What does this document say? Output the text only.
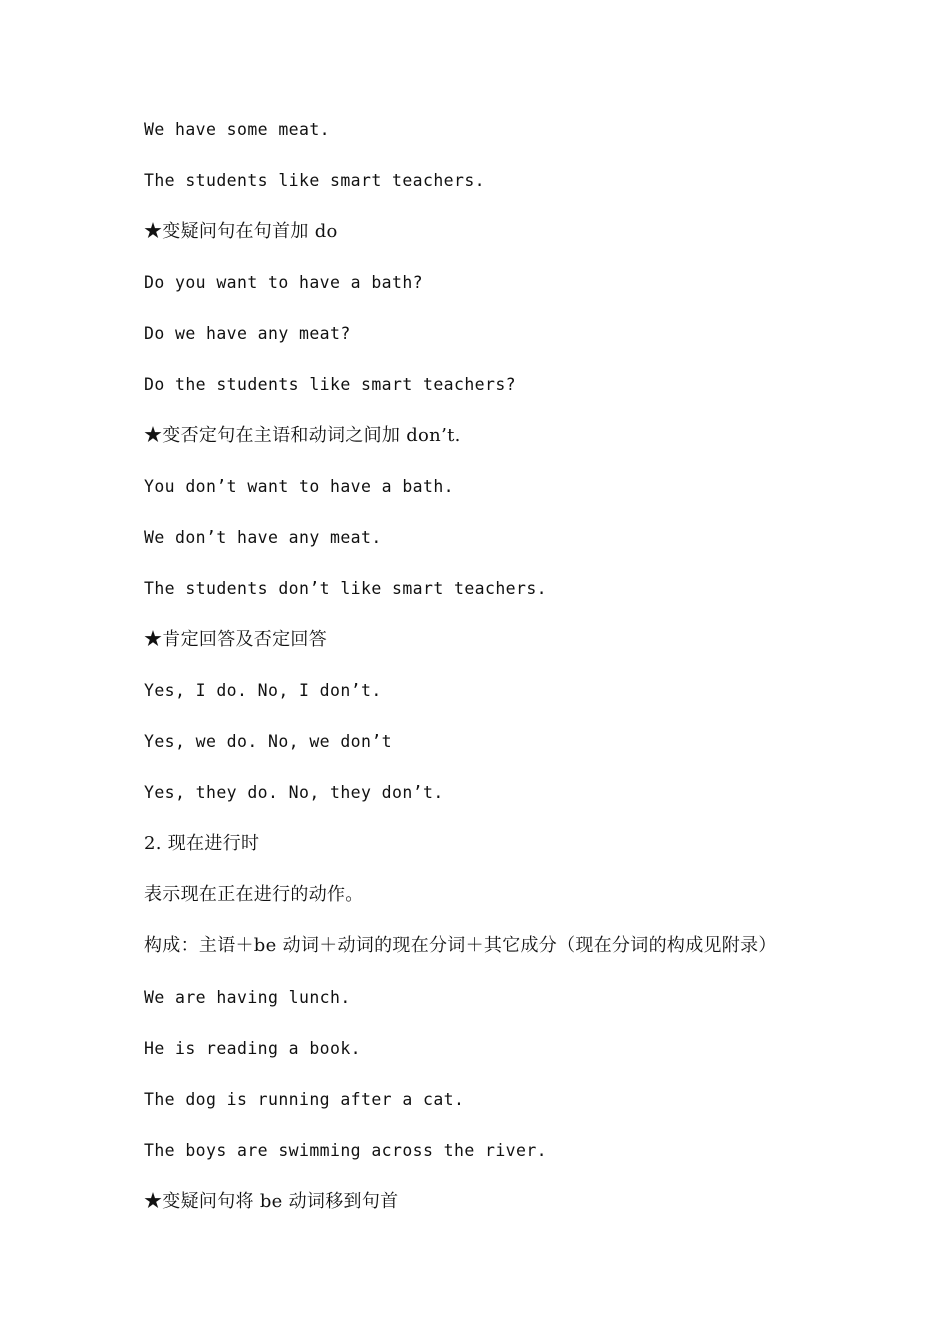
We have some meat.
The students like smart teachers.
★变疑问句在句首加 do
Do you want to have a bath?
Do we have any meat?
Do the students like smart teachers?
★变否定句在主语和动词之间加 don’t.
You don’t want to have a bath.
We don’t have any meat.
The students don’t like smart teachers.
★肯定回答及否定回答
Yes, I do. No, I don’t.
Yes, we do. No, we don’t
Yes, they do. No, they don’t.
2. 现在进行时
表示现在正在进行的动作。
构成：主语＋be 动词＋动词的现在分词＋其它成分（现在分词的构成见附录）
We are having lunch.
He is reading a book.
The dog is running after a cat.
The boys are swimming across the river.
★变疑问句将 be 动词移到句首
